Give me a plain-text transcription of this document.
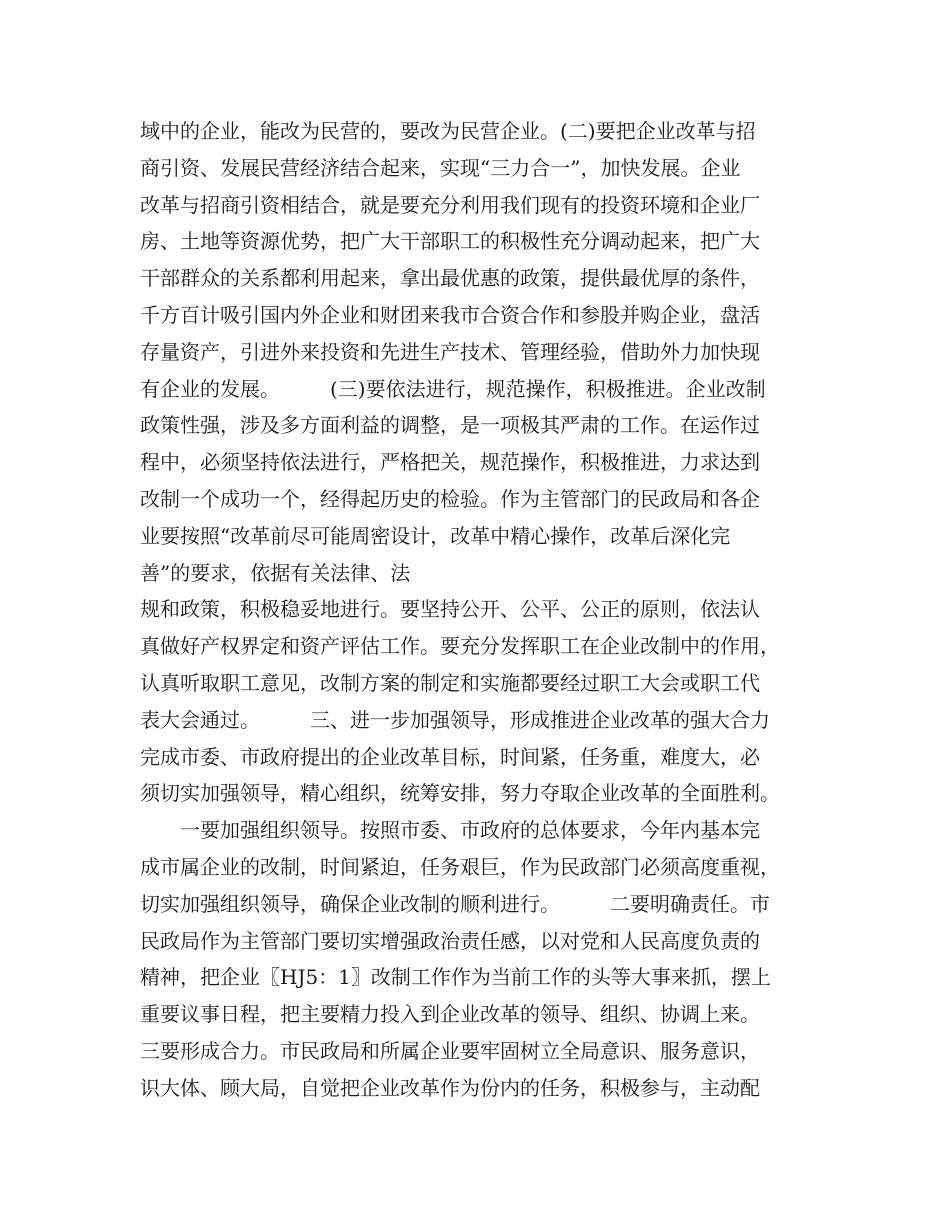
域中的企业，能改为民营的，要改为民营企业。(二)要把企业改革与招
商引资、发展民营经济结合起来，实现“三力合一”，加快发展。企业
改革与招商引资相结合，就是要充分利用我们现有的投资环境和企业厂
房、土地等资源优势，把广大干部职工的积极性充分调动起来，把广大
干部群众的关系都利用起来，拿出最优惠的政策，提供最优厚的条件，
千方百计吸引国内外企业和财团来我市合资合作和参股并购企业，盘活
存量资产，引进外来投资和先进生产技术、管理经验，借助外力加快现
有企业的发展。　　　(三)要依法进行，规范操作，积极推进。企业改制
政策性强，涉及多方面利益的调整，是一项极其严肃的工作。在运作过
程中，必须坚持依法进行，严格把关，规范操作，积极推进，力求达到
改制一个成功一个，经得起历史的检验。作为主管部门的民政局和各企
业要按照“改革前尽可能周密设计，改革中精心操作，改革后深化完
善”的要求，依据有关法律、法
规和政策，积极稳妥地进行。要坚持公开、公平、公正的原则，依法认
真做好产权界定和资产评估工作。要充分发挥职工在企业改制中的作用，
认真听取职工意见，改制方案的制定和实施都要经过职工大会或职工代
表大会通过。　　　三、进一步加强领导，形成推进企业改革的强大合力
完成市委、市政府提出的企业改革目标，时间紧，任务重，难度大，必
须切实加强领导，精心组织，统筹安排，努力夺取企业改革的全面胜利。
　　一要加强组织领导。按照市委、市政府的总体要求，今年内基本完
成市属企业的改制，时间紧迫，任务艰巨，作为民政部门必须高度重视，
切实加强组织领导，确保企业改制的顺利进行。　　　二要明确责任。市
民政局作为主管部门要切实增强政治责任感，以对党和人民高度负责的
精神，把企业〖HJ5：1〗改制工作作为当前工作的头等大事来抓，摆上
重要议事日程，把主要精力投入到企业改革的领导、组织、协调上来。
三要形成合力。市民政局和所属企业要牢固树立全局意识、服务意识，
识大体、顾大局，自觉把企业改革作为份内的任务，积极参与，主动配
